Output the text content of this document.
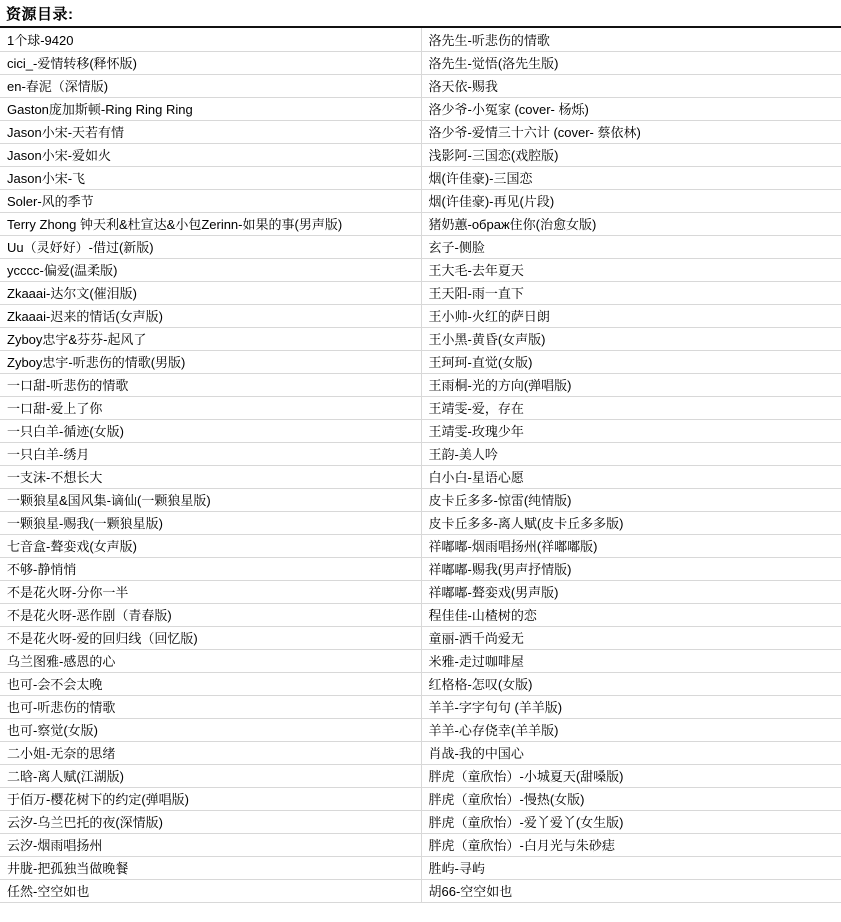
资源目录:
1个球-9420	洛先生-听悲伤的情歌
cici_-爱情转移(释怀版)	洛先生-觉悟(洛先生版)
en-春泥（深情版)	洛天依-赐我
Gaston庞加斯顿-Ring Ring Ring	洛少爷-小冤家 (cover- 杨烁)
Jason小宋-天若有情	洛少爷-爱情三十六计 (cover- 蔡依林)
Jason小宋-爱如火	浅影阿-三国恋(戏腔版)
Jason小宋-飞	烟(许佳豪)-三国恋
Soler-风的季节	烟(许佳豪)-再见(片段)
Terry Zhong 钟天利&杜宣达&小包Zerinn-如果的事(男声版)	猪奶蕙-ображ住你(治愈女版)
Uu（灵妤好）-借过(新版)	玄子-侧脸
ycccc-偏爱(温柔版)	王大毛-去年夏天
Zkaaai-达尔文(催泪版)	王天阳-雨一直下
Zkaaai-迟来的情话(女声版)	王小帅-火红的萨日朗
Zyboy忠宇&芬芬-起风了	王小黑-黄昏(女声版)
Zyboy忠宇-听悲伤的情歌(男版)	王珂珂-直觉(女版)
一口甜-听悲伤的情歌	王雨桐-光的方向(弹唱版)
一口甜-爱上了你	王靖雯-爱，存在
一只白羊-循迹(女版)	王靖雯-玫瑰少年
一只白羊-绣月	王韵-美人吟
一支沫-不想长大	白小白-星语心愿
一颗狼星&国风集-谪仙(一颗狼星版)	皮卡丘多多-惊雷(纯情版)
一颗狼星-赐我(一颗狼星版)	皮卡丘多多-离人赋(皮卡丘多多版)
七音盒-聱娈戏(女声版)	祥嘟嘟-烟雨唱扬州(祥嘟嘟版)
不够-静悄悄	祥嘟嘟-赐我(男声抒情版)
不是花火呀-分你一半	祥嘟嘟-聱娈戏(男声版)
不是花火呀-恶作剧（青春版)	程佳佳-山楂树的恋
不是花火呀-爱的回归线（回忆版)	童丽-洒千尚爱无
乌兰图雅-感恩的心	米雅-走过咖啡屋
也可-会不会太晚	红格格-怎叹(女版)
也可-听悲伤的情歌	羊羊-字字句句 (羊羊版)
也可-察觉(女版)	羊羊-心存侥幸(羊羊版)
二小姐-无奈的思绪	肖战-我的中国心
二晗-离人赋(江湖版)	胖虎（童欣怡）-小城夏天(甜嗓版)
于佰万-樱花树下的约定(弹唱版)	胖虎（童欣怡）-慢热(女版)
云汐-乌兰巴托的夜(深情版)	胖虎（童欣怡）-爱丫爱丫(女生版)
云汐-烟雨唱扬州	胖虎（童欣怡）-白月光与朱砂痣
井胧-把孤独当做晚餐	胜屿-寻屿
任然-空空如也	胡66-空空如也
